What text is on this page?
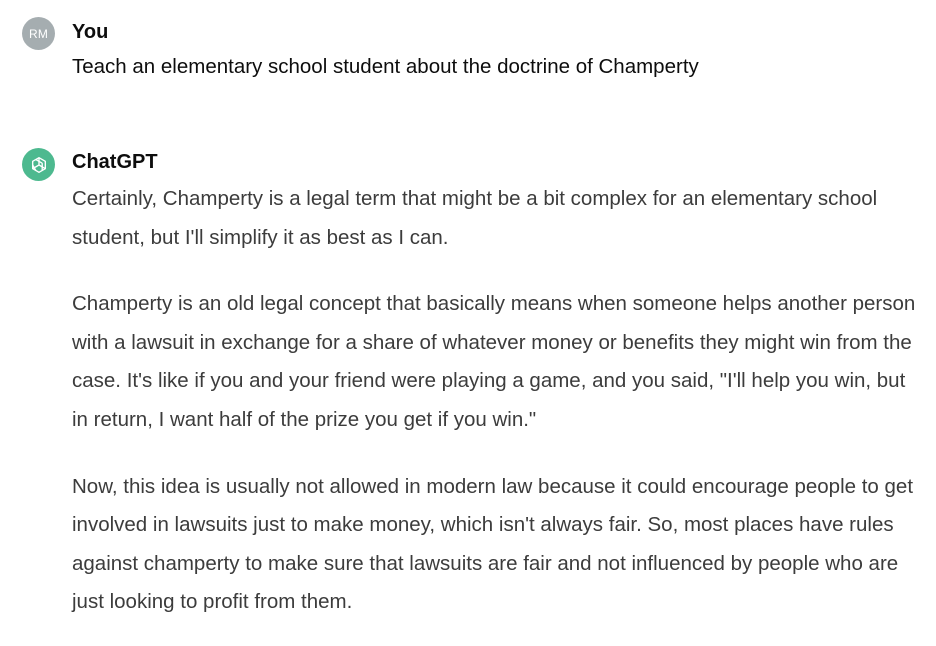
RM You
Teach an elementary school student about the doctrine of Champerty
ChatGPT

Certainly, Champerty is a legal term that might be a bit complex for an elementary school student, but I'll simplify it as best as I can.

Champerty is an old legal concept that basically means when someone helps another person with a lawsuit in exchange for a share of whatever money or benefits they might win from the case. It's like if you and your friend were playing a game, and you said, "I'll help you win, but in return, I want half of the prize you get if you win."

Now, this idea is usually not allowed in modern law because it could encourage people to get involved in lawsuits just to make money, which isn't always fair. So, most places have rules against champerty to make sure that lawsuits are fair and not influenced by people who are just looking to profit from them.
